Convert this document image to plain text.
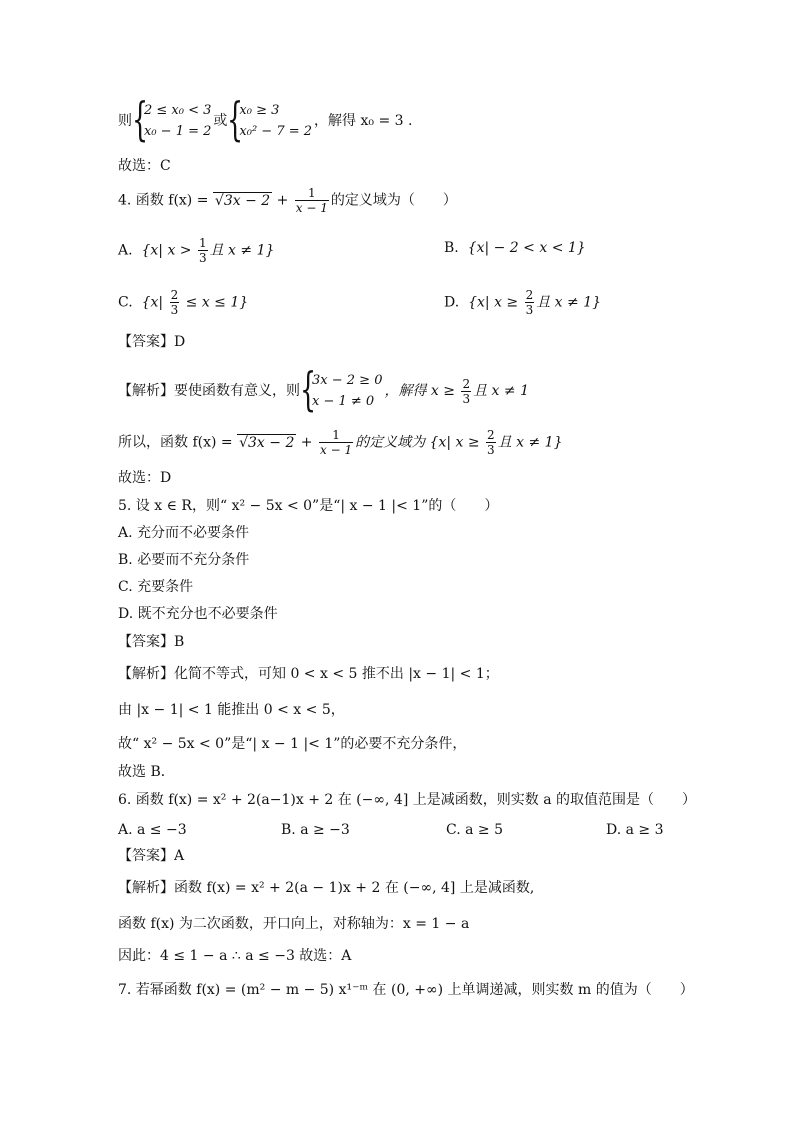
则
{ 2 ≤ x₀ < 3
x₀ − 1 = 2
或
{ x₀ ≥ 3
x₀² − 7 = 2
，解得 x₀ = 3 .
故选：C
4. 函数 $f(x) = √3x - 2 + \frac{1}{x - 1}$ 的定义域为（　　）
A. {x| $x > \frac{1}{3}$ 且 x ≠ 1}	B. {x| − 2 < x < 1}
C. $\{x| \frac{2}{3} \le x \le 1\}$	D. {x| $x \ge \frac{2}{3}$ 且 x ≠ 1}
【答案】D
【解析】要使函数有意义，则
{ 3x − 2 ≥ 0
x − 1 ≠ 0
，解得 $x \ge \frac{2}{3}$ 且 x ≠ 1
所以，函数 $f(x) = √3x - 2 + \frac{1}{x - 1}$ 的定义域为 {x| $x \ge \frac{2}{3}$ 且 x ≠ 1}
故选：D
5. 设 x ∈ R，则“ x² − 5x < 0”是“| x − 1 |< 1”的（　　）
A. 充分而不必要条件
B. 必要而不充分条件
C. 充要条件
D. 既不充分也不必要条件
【答案】B
【解析】化简不等式，可知 0 < x < 5 推不出 |x − 1| < 1；
由 |x − 1| < 1 能推出 0 < x < 5，
故“ x² − 5x < 0”是“| x − 1 |< 1”的必要不充分条件，
故选 B．
6. 函数 f(x) = x² + 2(a−1)x + 2 在 (−∞, 4] 上是减函数，则实数 a 的取值范围是（　　）
A. a ≤ −3	B. a ≥ −3	C. a ≥ 5	D. a ≥ 3
【答案】A
【解析】函数 f(x) = x² + 2(a − 1)x + 2 在 (−∞, 4] 上是减函数,
函数 f(x) 为二次函数，开口向上，对称轴为：x = 1 − a
因此：4 ≤ 1 − a ∴ a ≤ −3 故选：A
7. 若幂函数 f(x) = (m² − m − 5) x¹⁻ᵐ 在 (0, +∞) 上单调递减，则实数 m 的值为（　　）
